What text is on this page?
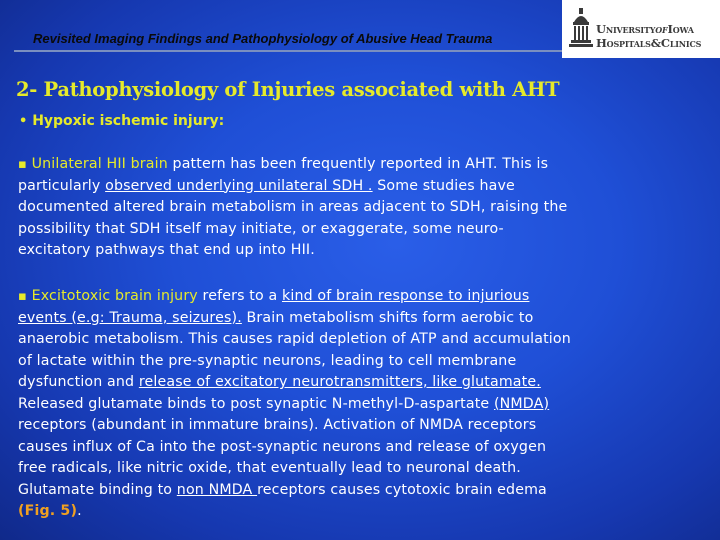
Revisited Imaging Findings and Pathophysiology of Abusive Head Trauma
UNIVERSITYOFIOWA
HOSPITALS&CLINICS
2- Pathophysiology of Injuries associated with AHT
• Hypoxic ischemic injury:
▪ Unilateral HII brain pattern has been frequently reported in AHT. This is
particularly observed underlying unilateral SDH . Some studies have
documented altered brain metabolism in areas adjacent to SDH, raising the
possibility that SDH itself may initiate, or exaggerate, some neuro-
excitatory pathways that end up into HII.
▪ Excitotoxic brain injury refers to a kind of brain response to injurious
events (e.g: Trauma, seizures). Brain metabolism shifts form aerobic to
anaerobic metabolism. This causes rapid depletion of ATP and accumulation
of lactate within the pre-synaptic neurons, leading to cell membrane
dysfunction and release of excitatory neurotransmitters, like glutamate.
Released glutamate binds to post synaptic N-methyl-D-aspartate (NMDA)
receptors (abundant in immature brains). Activation of NMDA receptors
causes influx of Ca into the post-synaptic neurons and release of oxygen
free radicals, like nitric oxide, that eventually lead to neuronal death.
Glutamate binding to non NMDA receptors causes cytotoxic brain edema
(Fig. 5).
